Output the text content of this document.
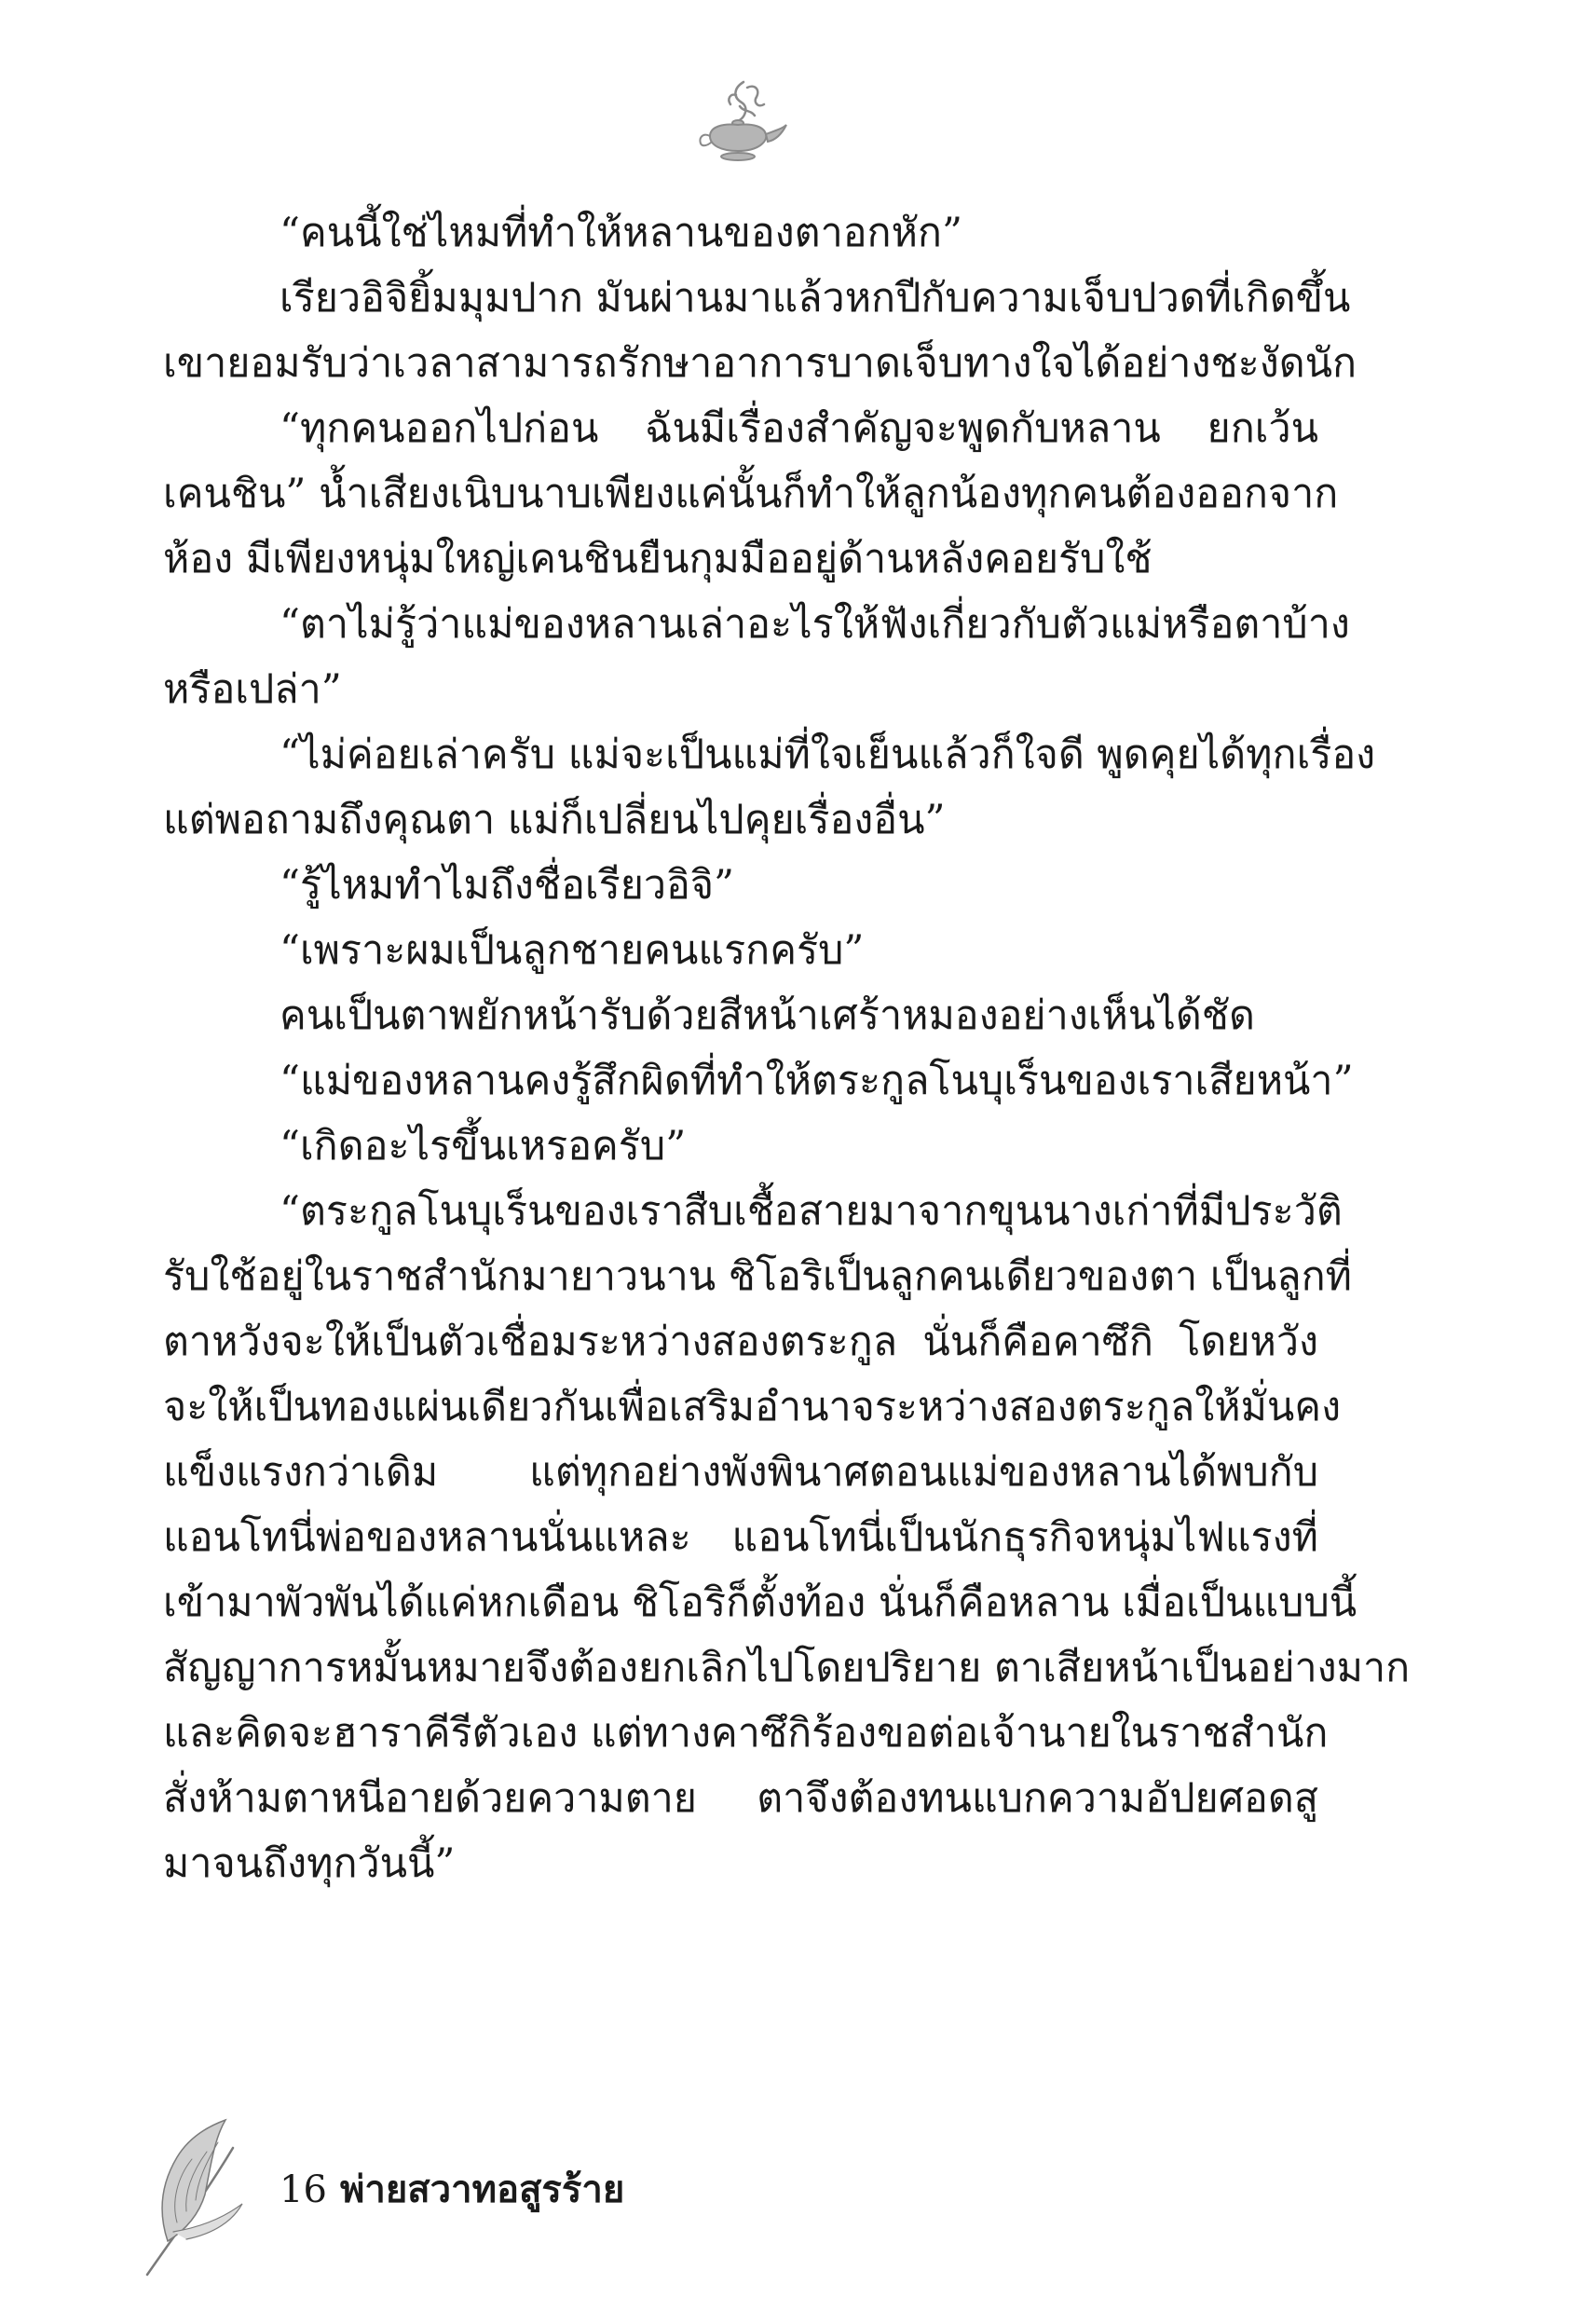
“คนนี้ใช่ไหมที่ทำให้หลานของตาอกหัก”
เรียวอิจิยิ้มมุมปาก มันผ่านมาแล้วหกปีกับความเจ็บปวดที่เกิดขึ้น
เขายอมรับว่าเวลาสามารถรักษาอาการบาดเจ็บทางใจได้อย่างชะงัดนัก
“ทุกคนออกไปก่อน ฉันมีเรื่องสำคัญจะพูดกับหลาน ยกเว้น
เคนชิน” น้ำเสียงเนิบนาบเพียงแค่นั้นก็ทำให้ลูกน้องทุกคนต้องออกจาก
ห้อง มีเพียงหนุ่มใหญ่เคนชินยืนกุมมืออยู่ด้านหลังคอยรับใช้
“ตาไม่รู้ว่าแม่ของหลานเล่าอะไรให้ฟังเกี่ยวกับตัวแม่หรือตาบ้าง
หรือเปล่า”
“ไม่ค่อยเล่าครับ แม่จะเป็นแม่ที่ใจเย็นแล้วก็ใจดี พูดคุยได้ทุกเรื่อง
แต่พอถามถึงคุณตา แม่ก็เปลี่ยนไปคุยเรื่องอื่น”
“รู้ไหมทำไมถึงชื่อเรียวอิจิ”
“เพราะผมเป็นลูกชายคนแรกครับ”
คนเป็นตาพยักหน้ารับด้วยสีหน้าเศร้าหมองอย่างเห็นได้ชัด
“แม่ของหลานคงรู้สึกผิดที่ทำให้ตระกูลโนบุเร็นของเราเสียหน้า”
“เกิดอะไรขึ้นเหรอครับ”
“ตระกูลโนบุเร็นของเราสืบเชื้อสายมาจากขุนนางเก่าที่มีประวัติ
รับใช้อยู่ในราชสำนักมายาวนาน ชิโอริเป็นลูกคนเดียวของตา เป็นลูกที่
ตาหวังจะให้เป็นตัวเชื่อมระหว่างสองตระกูล นั่นก็คือคาซึกิ โดยหวัง
จะให้เป็นทองแผ่นเดียวกันเพื่อเสริมอำนาจระหว่างสองตระกูลให้มั่นคง
แข็งแรงกว่าเดิม แต่ทุกอย่างพังพินาศตอนแม่ของหลานได้พบกับ
แอนโทนี่พ่อของหลานนั่นแหละ แอนโทนี่เป็นนักธุรกิจหนุ่มไฟแรงที่
เข้ามาพัวพันได้แค่หกเดือน ชิโอริก็ตั้งท้อง นั่นก็คือหลาน เมื่อเป็นแบบนี้
สัญญาการหมั้นหมายจึงต้องยกเลิกไปโดยปริยาย ตาเสียหน้าเป็นอย่างมาก
และคิดจะฮาราคีรีตัวเอง แต่ทางคาซึกิร้องขอต่อเจ้านายในราชสำนัก
สั่งห้ามตาหนีอายด้วยความตาย ตาจึงต้องทนแบกความอัปยศอดสู
มาจนถึงทุกวันนี้”
16 พ่ายสวาทอสูรร้าย
